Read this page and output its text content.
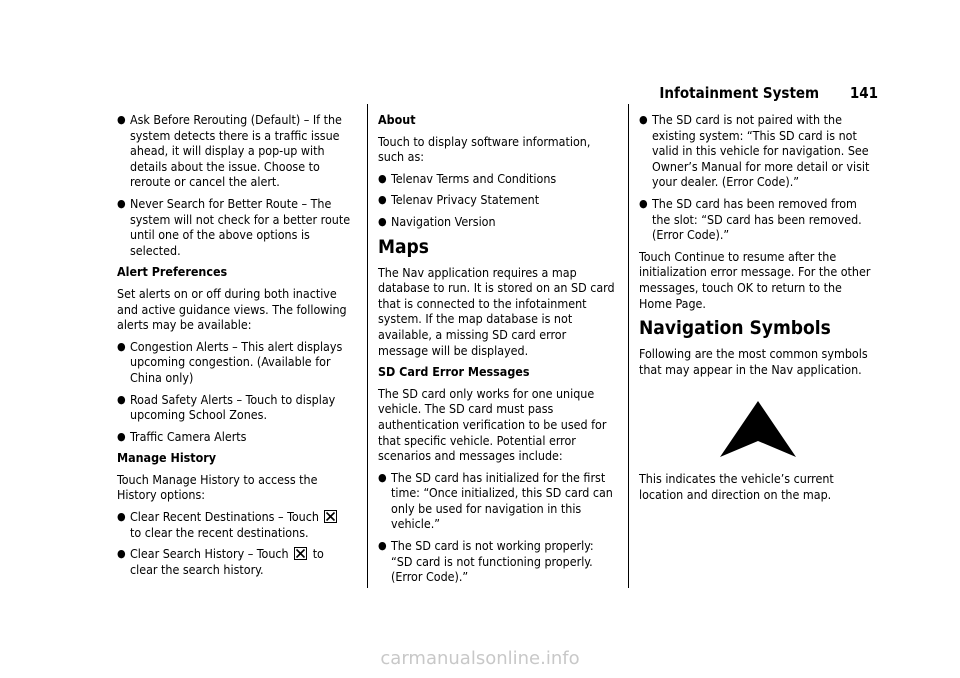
Infotainment System 141
● Ask Before Rerouting (Default) – If the system detects there is a traffic issue ahead, it will display a pop-up with details about the issue. Choose to reroute or cancel the alert.
● Never Search for Better Route – The system will not check for a better route until one of the above options is selected.

Alert Preferences

Set alerts on or off during both inactive and active guidance views. The following alerts may be available:

● Congestion Alerts – This alert displays upcoming congestion. (Available for China only)
● Road Safety Alerts – Touch to display upcoming School Zones.
● Traffic Camera Alerts

Manage History

Touch Manage History to access the History options:

● Clear Recent Destinations – Touch  to clear the recent destinations.
● Clear Search History – Touch to clear the search history.

About

Touch to display software information, such as:

● Telenav Terms and Conditions
● Telenav Privacy Statement
● Navigation Version
Maps

The Nav application requires a map database to run. It is stored on an SD card that is connected to the infotainment system. If the map database is not available, a missing SD card error message will be displayed.

SD Card Error Messages

The SD card only works for one unique vehicle. The SD card must pass authentication verification to be used for that specific vehicle. Potential error scenarios and messages include:

● The SD card has initialized for the first time: “Once initialized, this SD card can only be used for navigation in this vehicle.”
● The SD card is not working properly: “SD card is not functioning properly. (Error Code).”
● The SD card is not paired with the existing system: “This SD card is not valid in this vehicle for navigation. See Owner’s Manual for more detail or visit your dealer. (Error Code).”
● The SD card has been removed from the slot: “SD card has been removed. (Error Code).”

Touch Continue to resume after the initialization error message. For the other messages, touch OK to return to the Home Page.

Navigation Symbols

Following are the most common symbols that may appear in the Nav application.

This indicates the vehicle’s current location and direction on the map.

carmanualsonline.info
